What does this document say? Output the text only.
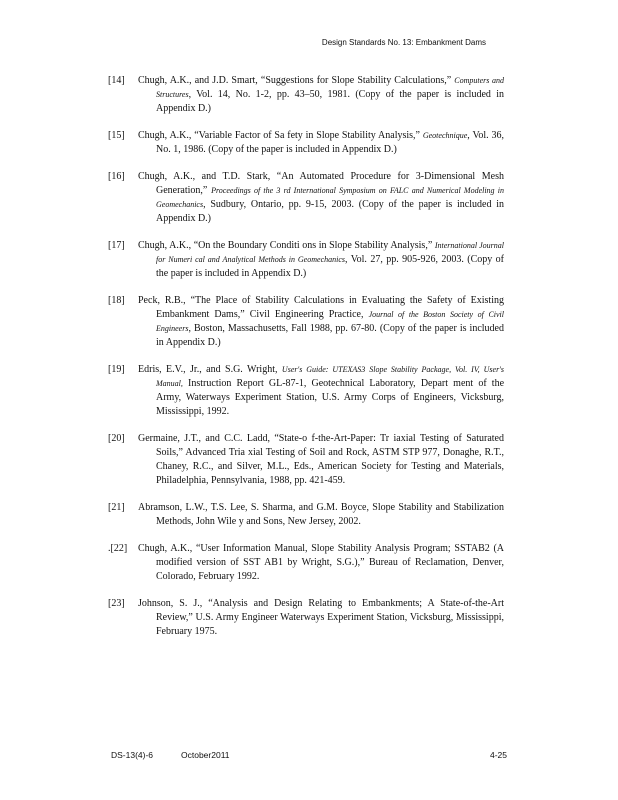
Design Standards No. 13: Embankment Dams

[14] Chugh, A.K., and J.D. Smart, “Suggestions for Slope Stability Calculations,” Computers and Structures, Vol. 14, No. 1-2, pp. 43–50, 1981. (Copy of the paper is included in Appendix D.)

[15] Chugh, A.K., “Variable Factor of Sa fety in Slope Stability Analysis,” Geotechnique, Vol. 36, No. 1, 1986. (Copy of the paper is included in Appendix D.)

[16] Chugh, A.K., and T.D. Stark, “An Automated Procedure for 3-Dimensional Mesh Generation,” Proceedings of the 3 rd International Symposium on FALC and Numerical Modeling in Geomechanics, Sudbury, Ontario, pp. 9-15, 2003. (Copy of the paper is included in Appendix D.)

[17] Chugh, A.K., “On the Boundary Conditi ons in Slope Stability Analysis,” International Journal for Numeri cal and Analytical Methods in Geomechanics, Vol. 27, pp. 905-926, 2003. (Copy of the paper is included in Appendix D.)

[18] Peck, R.B., “The Place of Stability Calculations in Evaluating the Safety of Existing Embankment Dams,” Civil Engineering Practice, Journal of the Boston Society of Civil Engineers, Boston, Massachusetts, Fall 1988, pp. 67-80. (Copy of the paper is included in Appendix D.)

[19] Edris, E.V., Jr., and S.G. Wright, User's Guide: UTEXAS3 Slope Stability Package, Vol. IV, User's Manual, Instruction Report GL-87-1, Geotechnical Laboratory, Depart ment of the Army, Waterways Experiment Station, U.S. Army Corps of Engineers, Vicksburg, Mississippi, 1992.

[20] Germaine, J.T., and C.C. Ladd, “State-o f-the-Art-Paper: Tr iaxial Testing of Saturated Soils,” Advanced Tria xial Testing of Soil and Rock, ASTM STP 977, Donaghe, R.T., Chaney, R.C., and Silver, M.L., Eds., American Society for Testing and Materials, Philadelphia, Pennsylvania, 1988, pp. 421-459.

[21] Abramson, L.W., T.S. Lee, S. Sharma, and G.M. Boyce, Slope Stability and Stabilization Methods, John Wile y and Sons, New Jersey, 2002.

.[22] Chugh, A.K., “User Information Manual, Slope Stability Analysis Program; SSTAB2 (A modified version of SST AB1 by Wright, S.G.),” Bureau of Reclamation, Denver, Colorado, February 1992.

[23] Johnson, S. J., “Analysis and Design Relating to Embankments; A State-of-the-Art Review,” U.S. Army Engineer Waterways Experiment Station, Vicksburg, Mississippi, February 1975.

DS-13(4)-6	October2011	4-25
